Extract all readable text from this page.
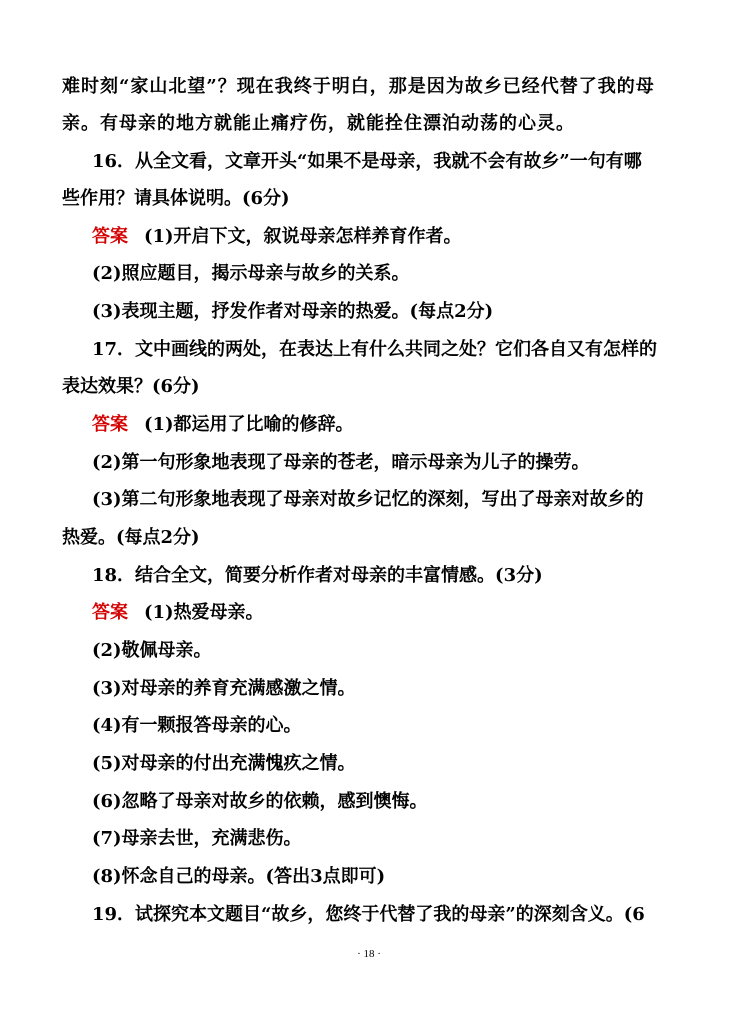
难时刻“家山北望”？现在我终于明白，那是因为故乡已经代替了我的母
亲。有母亲的地方就能止痛疗伤，就能拴住漂泊动荡的心灵。
16．从全文看，文章开头“如果不是母亲，我就不会有故乡”一句有哪
些作用？请具体说明。(6分)
答案 (1)开启下文，叙说母亲怎样养育作者。
(2)照应题目，揭示母亲与故乡的关系。
(3)表现主题，抒发作者对母亲的热爱。(每点2分)
17．文中画线的两处，在表达上有什么共同之处？它们各自又有怎样的
表达效果？(6分)
答案 (1)都运用了比喻的修辞。
(2)第一句形象地表现了母亲的苍老，暗示母亲为儿子的操劳。
(3)第二句形象地表现了母亲对故乡记忆的深刻，写出了母亲对故乡的
热爱。(每点2分)
18．结合全文，简要分析作者对母亲的丰富情感。(3分)
答案 (1)热爱母亲。
(2)敬佩母亲。
(3)对母亲的养育充满感激之情。
(4)有一颗报答母亲的心。
(5)对母亲的付出充满愧疚之情。
(6)忽略了母亲对故乡的依赖，感到懊悔。
(7)母亲去世，充满悲伤。
(8)怀念自己的母亲。(答出3点即可)
19．试探究本文题目“故乡，您终于代替了我的母亲”的深刻含义。(6
· 18 ·
